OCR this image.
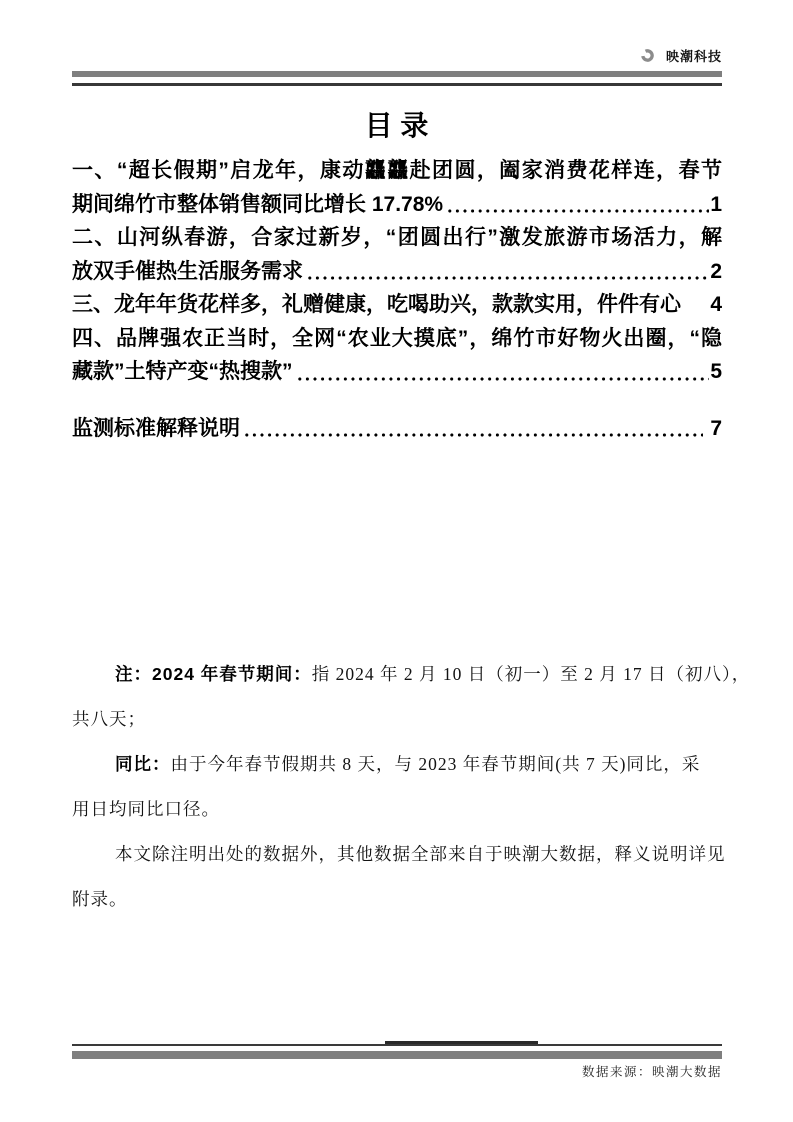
映潮科技
目 录
一、“超长假期”启龙年，康动龘龘赴团圆，阖家消费花样连，春节
期间绵竹市整体销售额同比增长 17.78%	1
二、山河纵春游，合家过新岁，“团圆出行”激发旅游市场活力，解
放双手催热生活服务需求	2
三、龙年年货花样多，礼赠健康，吃喝助兴，款款实用，件件有心 4
四、品牌强农正当时，全网“农业大摸底”，绵竹市好物火出圈，“隐
藏款”土特产变“热搜款”	5
监测标准解释说明	7
注：2024 年春节期间：指 2024 年 2 月 10 日（初一）至 2 月 17 日（初八），
共八天；
同比：由于今年春节假期共 8 天，与 2023 年春节期间(共 7 天)同比，采
用日均同比口径。
本文除注明出处的数据外，其他数据全部来自于映潮大数据，释义说明详见
附录。
数据来源：映潮大数据
